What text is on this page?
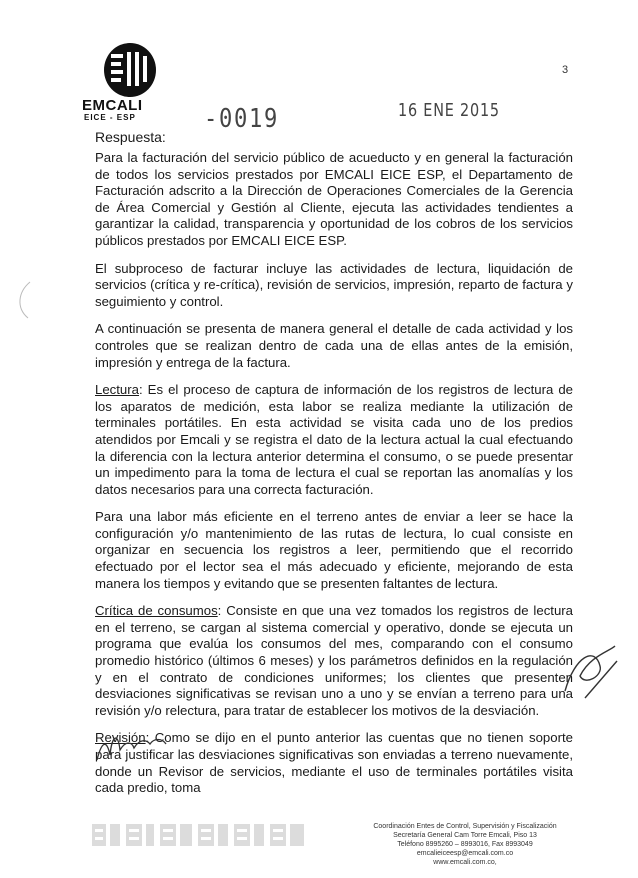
3
EMCALI
EICE - ESP	-0019	16 ENE 2015
Respuesta:

Para la facturación del servicio público de acueducto y en general la facturación de todos los servicios prestados por EMCALI EICE ESP, el Departamento de Facturación adscrito a la Dirección de Operaciones Comerciales de la Gerencia de Área Comercial y Gestión al Cliente, ejecuta las actividades tendientes a garantizar la calidad, transparencia y oportunidad de los cobros de los servicios públicos prestados por EMCALI EICE ESP.

El subproceso de facturar incluye las actividades de lectura, liquidación de servicios (crítica y re-crítica), revisión de servicios, impresión, reparto de factura y seguimiento y control.

A continuación se presenta de manera general el detalle de cada actividad y los controles que se realizan dentro de cada una de ellas antes de la emisión, impresión y entrega de la factura.

Lectura: Es el proceso de captura de información de los registros de lectura de los aparatos de medición, esta labor se realiza mediante la utilización de terminales portátiles. En esta actividad se visita cada uno de los predios atendidos por Emcali y se registra el dato de la lectura actual la cual efectuando la diferencia con la lectura anterior determina el consumo, o se puede presentar un impedimento para la toma de lectura el cual se reportan las anomalías y los datos necesarios para una correcta facturación.

Para una labor más eficiente en el terreno antes de enviar a leer se hace la configuración y/o mantenimiento de las rutas de lectura, lo cual consiste en organizar en secuencia los registros a leer, permitiendo que el recorrido efectuado por el lector sea el más adecuado y eficiente, mejorando de esta manera los tiempos y evitando que se presenten faltantes de lectura.

Crítica de consumos: Consiste en que una vez tomados los registros de lectura en el terreno, se cargan al sistema comercial y operativo, donde se ejecuta un programa que evalúa los consumos del mes, comparando con el consumo promedio histórico (últimos 6 meses) y los parámetros definidos en la regulación y en el contrato de condiciones uniformes; los clientes que presenten desviaciones significativas se revisan uno a uno y se envían a terreno para una revisión y/o relectura, para tratar de establecer los motivos de la desviación.

Revisión: Como se dijo en el punto anterior las cuentas que no tienen soporte para justificar las desviaciones significativas son enviadas a terreno nuevamente, donde un Revisor de servicios, mediante el uso de terminales portátiles visita cada predio, toma

Coordinación Entes de Control, Supervisión y Fiscalización
Secretaría General Cam Torre Emcali, Piso 13
Teléfono 8995260 – 8993016, Fax 8993049
emcalieiceesp@emcali.com.co
www.emcali.com.co,
